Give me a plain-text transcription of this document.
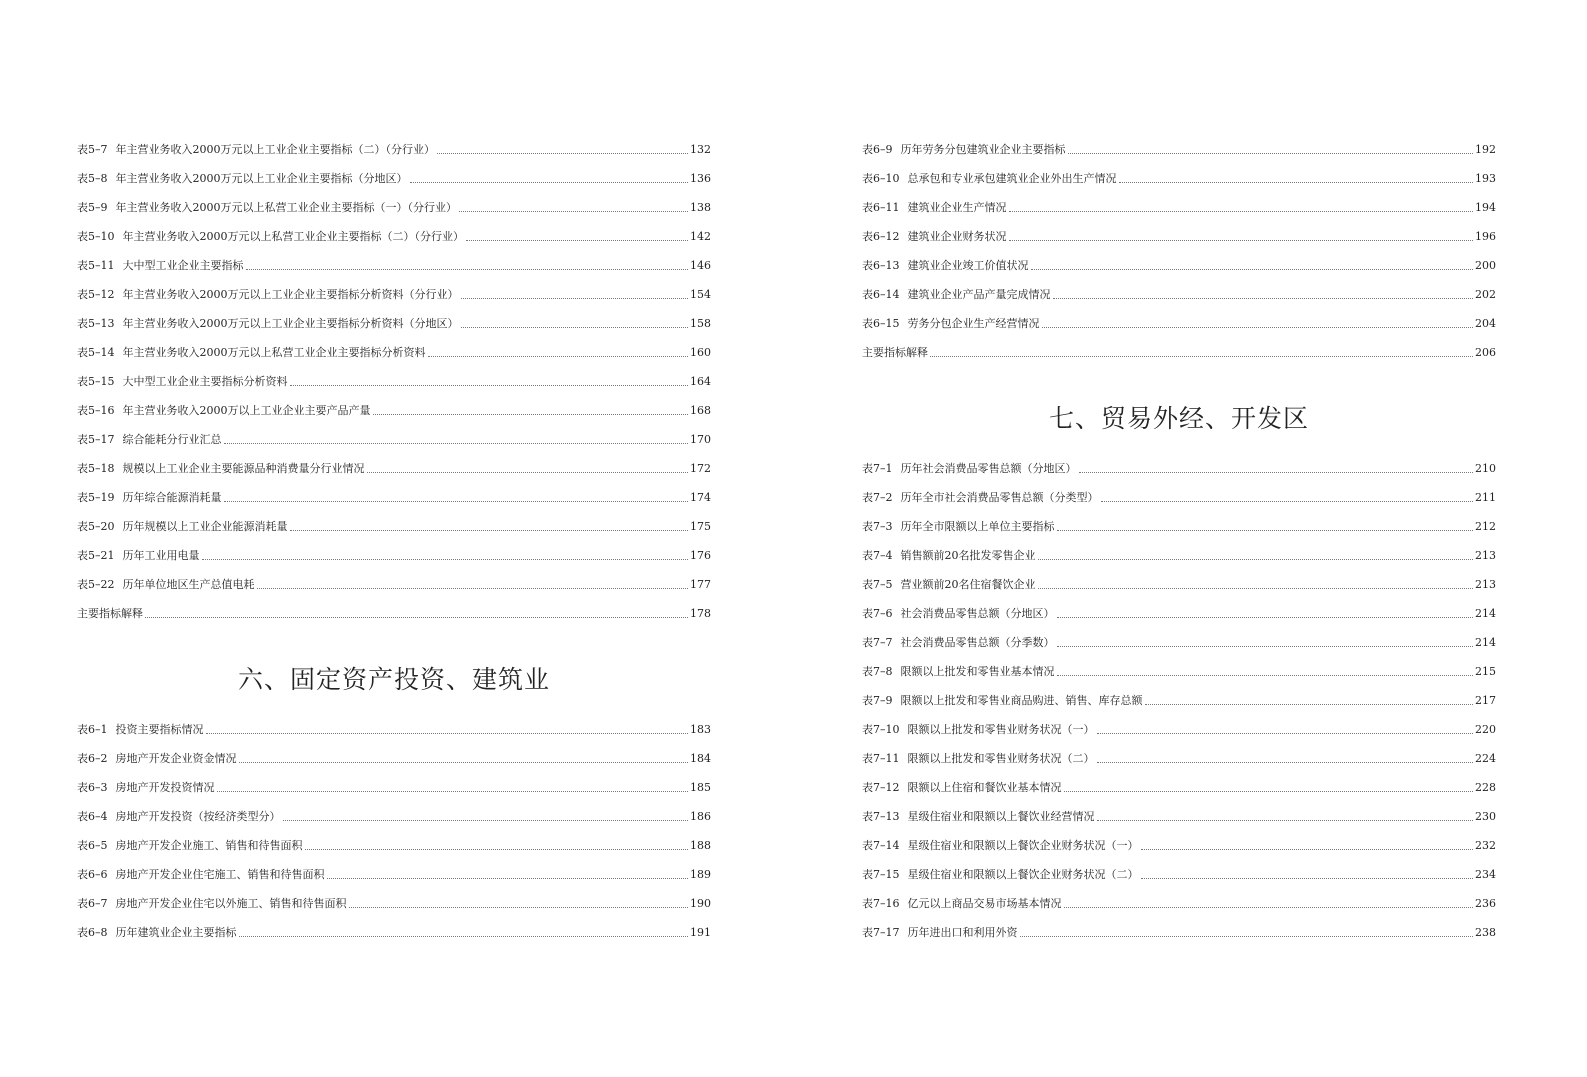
表5–7 年主营业务收入2000万元以上工业企业主要指标（二）（分行业）	132
表5–8 年主营业务收入2000万元以上工业企业主要指标（分地区）	136
表5–9 年主营业务收入2000万元以上私营工业企业主要指标（一）（分行业）	138
表5–10 年主营业务收入2000万元以上私营工业企业主要指标（二）（分行业）	142
表5–11 大中型工业企业主要指标	146
表5–12 年主营业务收入2000万元以上工业企业主要指标分析资料（分行业）	154
表5–13 年主营业务收入2000万元以上工业企业主要指标分析资料（分地区）	158
表5–14 年主营业务收入2000万元以上私营工业企业主要指标分析资料	160
表5–15 大中型工业企业主要指标分析资料	164
表5–16 年主营业务收入2000万以上工业企业主要产品产量	168
表5–17 综合能耗分行业汇总	170
表5–18 规模以上工业企业主要能源品种消费量分行业情况	172
表5–19 历年综合能源消耗量	174
表5–20 历年规模以上工业企业能源消耗量	175
表5–21 历年工业用电量	176
表5–22 历年单位地区生产总值电耗	177
主要指标解释	178
六、固定资产投资、建筑业
表6–1 投资主要指标情况	183
表6–2 房地产开发企业资金情况	184
表6–3 房地产开发投资情况	185
表6–4 房地产开发投资（按经济类型分）	186
表6–5 房地产开发企业施工、销售和待售面积	188
表6–6 房地产开发企业住宅施工、销售和待售面积	189
表6–7 房地产开发企业住宅以外施工、销售和待售面积	190
表6–8 历年建筑业企业主要指标	191
表6–9 历年劳务分包建筑业企业主要指标	192
表6–10 总承包和专业承包建筑业企业外出生产情况	193
表6–11 建筑业企业生产情况	194
表6–12 建筑业企业财务状况	196
表6–13 建筑业企业竣工价值状况	200
表6–14 建筑业企业产品产量完成情况	202
表6–15 劳务分包企业生产经营情况	204
主要指标解释	206
七、贸易外经、开发区
表7–1 历年社会消费品零售总额（分地区）	210
表7–2 历年全市社会消费品零售总额（分类型）	211
表7–3 历年全市限额以上单位主要指标	212
表7–4 销售额前20名批发零售企业	213
表7–5 营业额前20名住宿餐饮企业	213
表7–6 社会消费品零售总额（分地区）	214
表7–7 社会消费品零售总额（分季数）	214
表7–8 限额以上批发和零售业基本情况	215
表7–9 限额以上批发和零售业商品购进、销售、库存总额	217
表7–10 限额以上批发和零售业财务状况（一）	220
表7–11 限额以上批发和零售业财务状况（二）	224
表7–12 限额以上住宿和餐饮业基本情况	228
表7–13 星级住宿业和限额以上餐饮业经营情况	230
表7–14 星级住宿业和限额以上餐饮企业财务状况（一）	232
表7–15 星级住宿业和限额以上餐饮企业财务状况（二）	234
表7–16 亿元以上商品交易市场基本情况	236
表7–17 历年进出口和利用外资	238
